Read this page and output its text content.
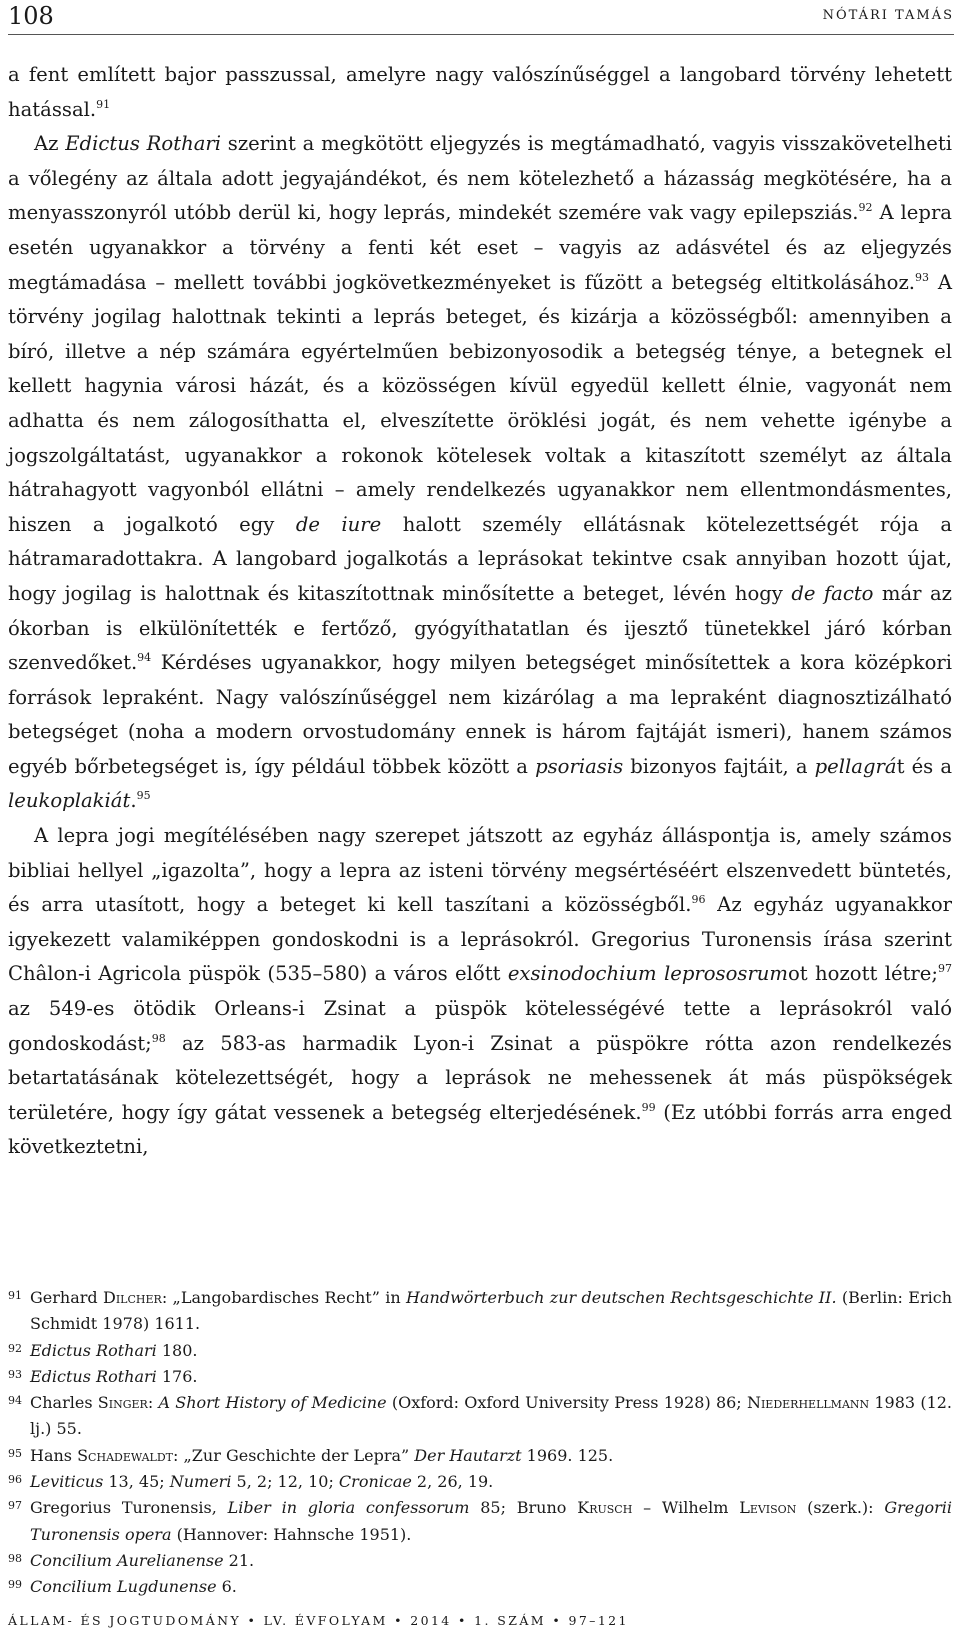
108	NÓTÁRI TAMÁS

a fent említett bajor passzussal, amelyre nagy valószínűséggel a langobard törvény lehetett hatással.$^{91}$

Az Edictus Rothari szerint a megkötött eljegyzés is megtámadható, vagyis visszakövetelheti a vőlegény az általa adott jegyajándékot, és nem kötelezhető a házasság megkötésére, ha a menyasszonyról utóbb derül ki, hogy leprás, mindekét szemére vak vagy epilepsziás.$^{92}$ A lepra esetén ugyanakkor a törvény a fenti két eset – vagyis az adásvétel és az eljegyzés megtámadása – mellett további jogkövetkezményeket is fűzött a betegség eltitkolásához.$^{93}$ A törvény jogilag halottnak tekinti a leprás beteget, és kizárja a közösségből: amennyiben a bíró, illetve a nép számára egyértelműen bebizonyosodik a betegség ténye, a betegnek el kellett hagynia városi házát, és a közösségen kívül egyedül kellett élnie, vagyonát nem adhatta és nem zálogosíthatta el, elveszítette öröklési jogát, és nem vehette igénybe a jogszolgáltatást, ugyanakkor a rokonok kötelesek voltak a kitaszított személyt az általa hátrahagyott vagyonból ellátni – amely rendelkezés ugyanakkor nem ellentmondásmentes, hiszen a jogalkotó egy de iure halott személy ellátásnak kötelezettségét rója a hátramaradottakra. A langobard jogalkotás a leprásokat tekintve csak annyiban hozott újat, hogy jogilag is halottnak és kitaszítottnak minősítette a beteget, lévén hogy de facto már az ókorban is elkülönítették e fertőző, gyógyíthatatlan és ijesztő tünetekkel járó kórban szenvedőket.$^{94}$ Kérdéses ugyanakkor, hogy milyen betegséget minősítettek a kora középkori források lepraként. Nagy valószínűséggel nem kizárólag a ma lepraként diagnosztizálható betegséget (noha a modern orvostudomány ennek is három fajtáját ismeri), hanem számos egyéb bőrbetegséget is, így például többek között a psoriasis bizonyos fajtáit, a pellagrát és a leukoplakiát.$^{95}$

A lepra jogi megítélésében nagy szerepet játszott az egyház álláspontja is, amely számos bibliai hellyel „igazolta”, hogy a lepra az isteni törvény megsértéséért elszenvedett büntetés, és arra utasított, hogy a beteget ki kell taszítani a közösségből.$^{96}$ Az egyház ugyanakkor igyekezett valamiképpen gondoskodni is a leprásokról. Gregorius Turonensis írása szerint Châlon-i Agricola püspök (535–580) a város előtt exsinodochium leprososrumot hozott létre;$^{97}$ az 549-es ötödik Orleans-i Zsinat a püspök kötelességévé tette a leprásokról való gondoskodást;$^{98}$ az 583-as harmadik Lyon-i Zsinat a püspökre rótta azon rendelkezés betartatásának kötelezettségét, hogy a leprások ne mehessenek át más püspökségek területére, hogy így gátat vessenek a betegség elterjedésének.$^{99}$ (Ez utóbbi forrás arra enged következtetni,

91 Gerhard Dilcher: „Langobardisches Recht” in Handwörterbuch zur deutschen Rechtsgeschichte II. (Berlin: Erich Schmidt 1978) 1611.
92 Edictus Rothari 180.
93 Edictus Rothari 176.
94 Charles Singer: A Short History of Medicine (Oxford: Oxford University Press 1928) 86; Niederhellmann 1983 (12. lj.) 55.
95 Hans Schadewaldt: „Zur Geschichte der Lepra” Der Hautarzt 1969. 125.
96 Leviticus 13, 45; Numeri 5, 2; 12, 10; Cronicae 2, 26, 19.
97 Gregorius Turonensis, Liber in gloria confessorum 85; Bruno Krusch – Wilhelm Levison (szerk.): Gregorii Turonensis opera (Hannover: Hahnsche 1951).
98 Concilium Aurelianense 21.
99 Concilium Lugdunense 6.
ÁLLAM- ÉS JOGTUDOMÁNY • LV. ÉVFOLYAM • 2014 • 1. SZÁM • 97–121
